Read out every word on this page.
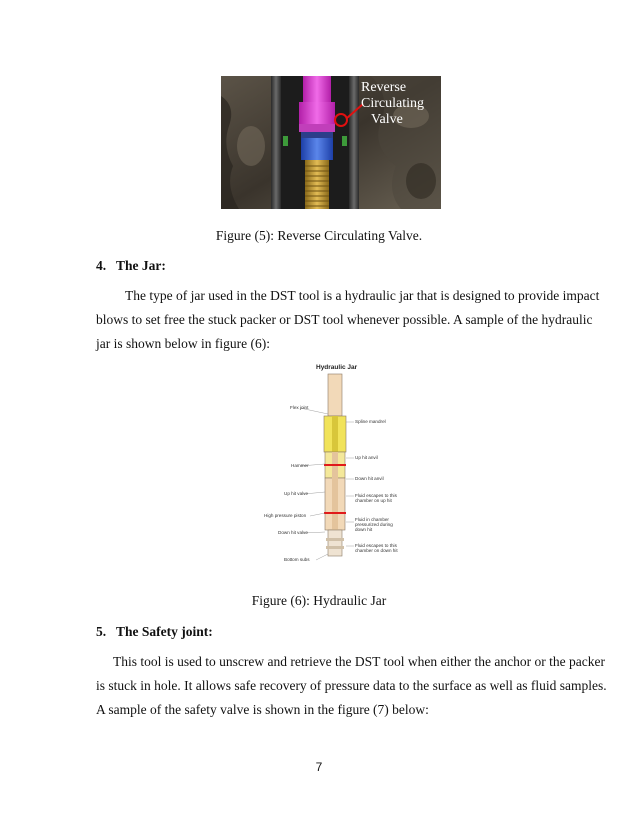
Reverse
Circulating
Valve
Figure (5): Reverse Circulating Valve.
4.   The Jar:
The type of jar used in the DST tool is a hydraulic jar that is designed to provide impact
blows to set free the stuck packer or DST tool whenever possible. A sample of the hydraulic
jar is shown below in figure (6):
Hydraulic Jar
Flex joint
Spline mandrel
Up hit anvil
Hammer
Down hit anvil
Up hit valve	Fluid escapes to this
chamber on up hit
High pressure piston
Fluid in chamber
pressurized during
down hit
Down hit valve
Fluid escapes to this
chamber on down hit
Bottom subs
Figure (6): Hydraulic Jar
5.   The Safety joint:
This tool is used to unscrew and retrieve the DST tool when either the anchor or the packer
is stuck in hole. It allows safe recovery of pressure data to the surface as well as fluid samples.
A sample of the safety valve is shown in the figure (7) below:
7
